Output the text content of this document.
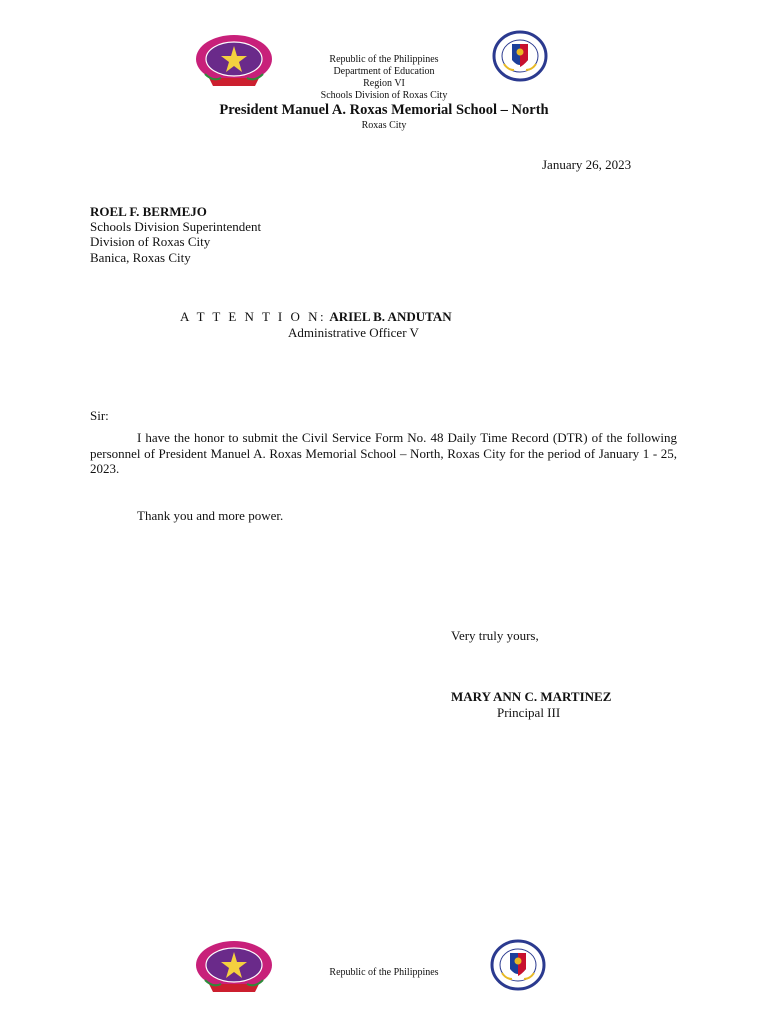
Republic of the Philippines
Department of Education
Region VI
Schools Division of Roxas City
President Manuel A. Roxas Memorial School – North
Roxas City
January 26, 2023
ROEL F. BERMEJO
Schools Division Superintendent
Division of Roxas City
Banica, Roxas City
A T T E N T I O N: ARIEL B. ANDUTAN
Administrative Officer V
Sir:
I have the honor to submit the Civil Service Form No. 48 Daily Time Record (DTR) of the following personnel of President Manuel A. Roxas Memorial School – North, Roxas City for the period of January 1 - 25, 2023.
Thank you and more power.
Very truly yours,
MARY ANN C. MARTINEZ
Principal III
Republic of the Philippines
